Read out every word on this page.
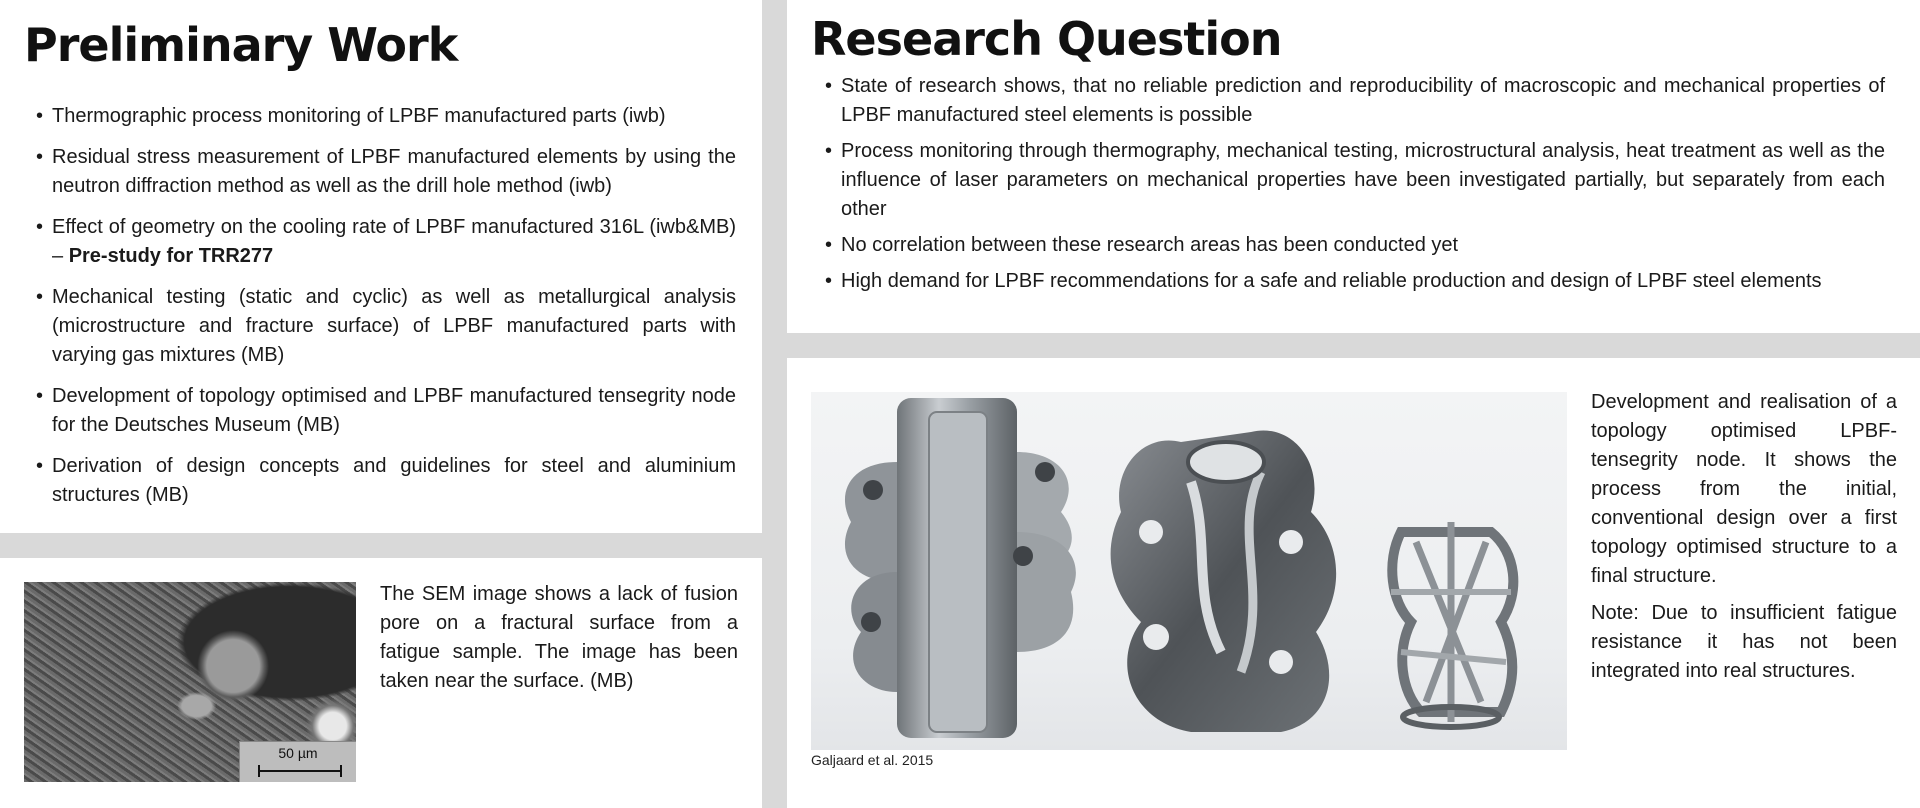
Preliminary Work
• Thermographic process monitoring of LPBF manufactured parts (iwb)
• Residual stress measurement of LPBF manufactured elements by using the neutron diffraction method as well as the drill hole method (iwb)
• Effect of geometry on the cooling rate of LPBF manufactured 316L (iwb&MB) – Pre-study for TRR277
• Mechanical testing (static and cyclic) as well as metallurgical analysis (microstructure and fracture surface) of LPBF manufactured parts with varying gas mixtures (MB)
• Development of topology optimised and LPBF manufactured tensegrity node for the Deutsches Museum (MB)
• Derivation of design concepts and guidelines for steel and aluminium structures (MB)
50 µm

The SEM image shows a lack of fusion pore on a fractural surface from a fatigue sample. The image has been taken near the surface. (MB)

Research Question
• State of research shows, that no reliable prediction and reproducibility of macroscopic and mechanical properties of LPBF manufactured steel elements is possible
• Process monitoring through thermography, mechanical testing, microstructural analysis, heat treatment as well as the influence of laser parameters on mechanical properties have been investigated partially, but separately from each other
• No correlation between these research areas has been conducted yet
• High demand for LPBF recommendations for a safe and reliable production and design of LPBF steel elements
Galjaard et al. 2015

Development and realisation of a topology optimised LPBF-tensegrity node. It shows the process from the initial, conventional design over a first topology optimised structure to a final structure.

Note: Due to insufficient fatigue resistance it has not been integrated into real structures.
